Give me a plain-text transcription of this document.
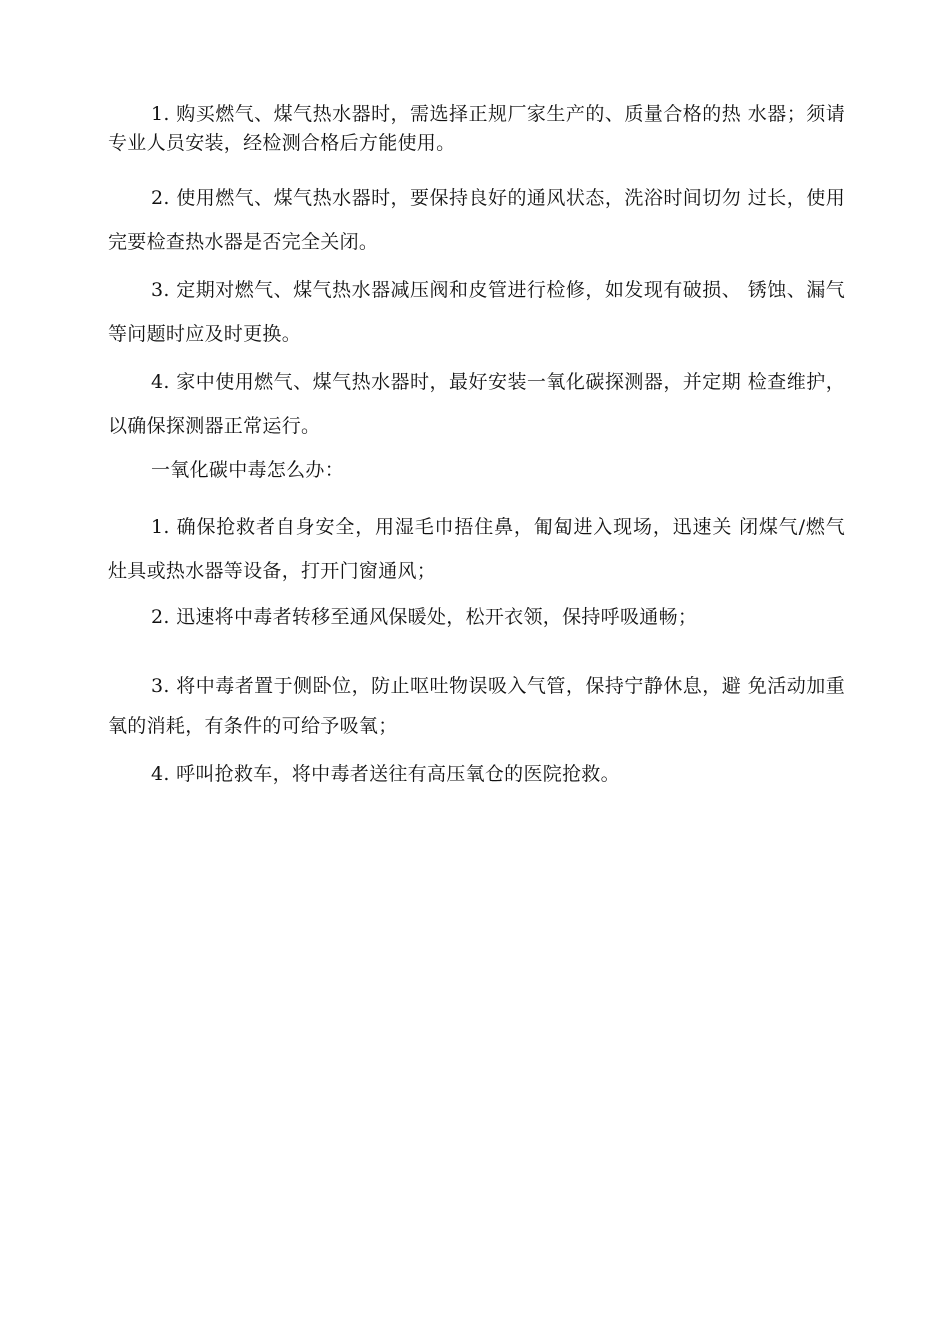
1. 购买燃气、煤气热水器时，需选择正规厂家生产的、质量合格的热 水器；须请专业人员安装，经检测合格后方能使用。

2. 使用燃气、煤气热水器时，要保持良好的通风状态，洗浴时间切勿 过长，使用完要检查热水器是否完全关闭。

3. 定期对燃气、煤气热水器减压阀和皮管进行检修，如发现有破损、 锈蚀、漏气等问题时应及时更换。

4. 家中使用燃气、煤气热水器时，最好安装一氧化碳探测器，并定期 检查维护，以确保探测器正常运行。

一氧化碳中毒怎么办：

1. 确保抢救者自身安全，用湿毛巾捂住鼻，匍匐进入现场，迅速关 闭煤气/燃气灶具或热水器等设备，打开门窗通风；

2. 迅速将中毒者转移至通风保暖处，松开衣领，保持呼吸通畅；

3. 将中毒者置于侧卧位，防止呕吐物误吸入气管，保持宁静休息，避 免活动加重氧的消耗，有条件的可给予吸氧；

4. 呼叫抢救车，将中毒者送往有高压氧仓的医院抢救。
